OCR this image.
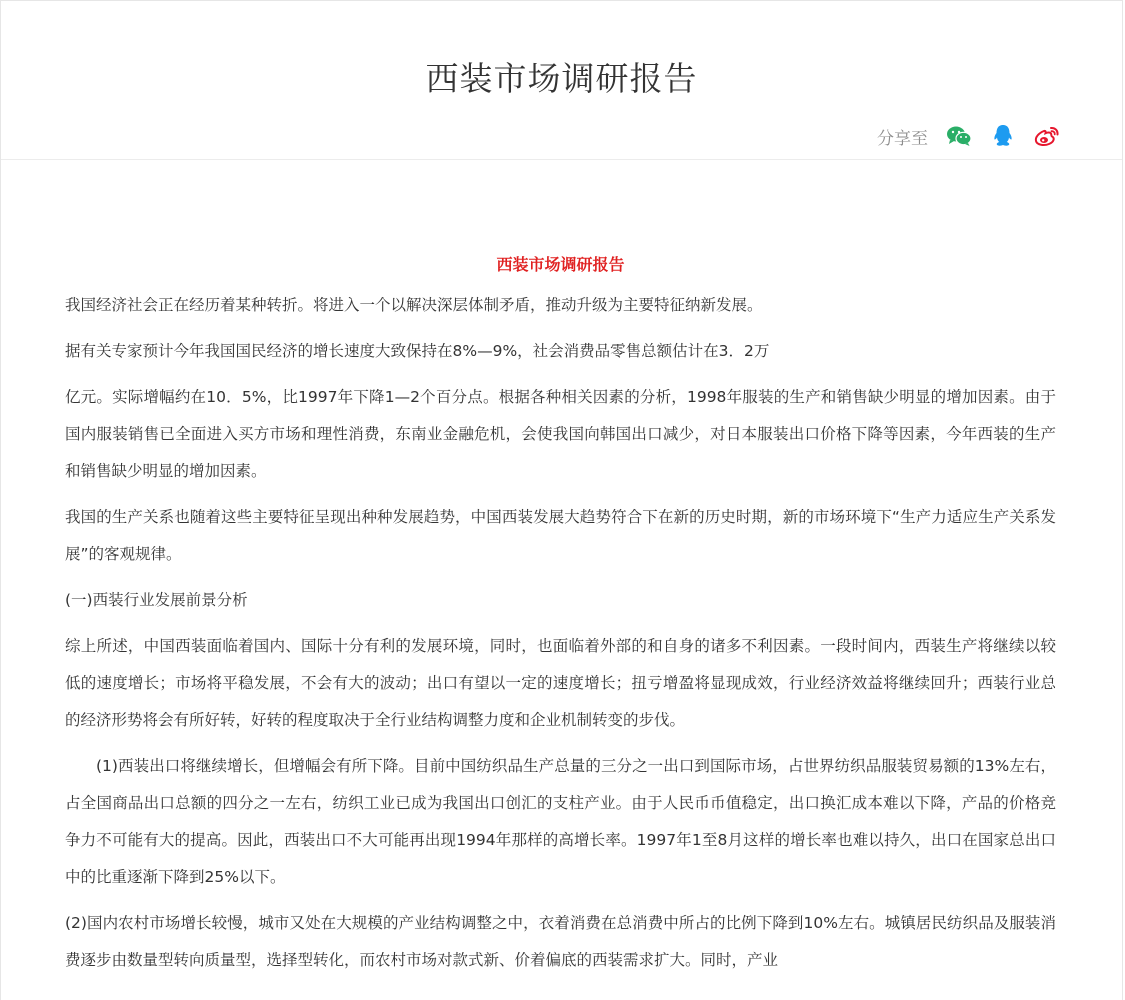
西装市场调研报告
分享至
西装市场调研报告

我国经济社会正在经历着某种转折。将进入一个以解决深层体制矛盾，推动升级为主要特征纳新发展。

据有关专家预计今年我国国民经济的增长速度大致保持在8%—9%，社会消费品零售总额估计在3．2万

亿元。实际增幅约在10．5%，比1997年下降1—2个百分点。根据各种相关因素的分析，1998年服装的生产和销售缺少明显的增加因素。由于国内服装销售已全面进入买方市场和理性消费，东南业金融危机，会使我国向韩国出口减少，对日本服装出口价格下降等因素，今年西装的生产和销售缺少明显的增加因素。

我国的生产关系也随着这些主要特征呈现出种种发展趋势，中国西装发展大趋势符合下在新的历史时期，新的市场环境下“生产力适应生产关系发展”的客观规律。

(一)西装行业发展前景分析

综上所述，中国西装面临着国内、国际十分有利的发展环境，同时，也面临着外部的和自身的诸多不利因素。一段时间内，西装生产将继续以较低的速度增长；市场将平稳发展，不会有大的波动；出口有望以一定的速度增长；扭亏增盈将显现成效，行业经济效益将继续回升；西装行业总的经济形势将会有所好转，好转的程度取决于全行业结构调整力度和企业机制转变的步伐。

(1)西装出口将继续增长，但增幅会有所下降。目前中国纺织品生产总量的三分之一出口到国际市场，占世界纺织品服装贸易额的13%左右，占全国商品出口总额的四分之一左右，纺织工业已成为我国出口创汇的支柱产业。由于人民币币值稳定，出口换汇成本难以下降，产品的价格竞争力不可能有大的提高。因此，西装出口不大可能再出现1994年那样的高增长率。1997年1至8月这样的增长率也难以持久，出口在国家总出口中的比重逐渐下降到25%以下。

(2)国内农村市场增长较慢，城市又处在大规模的产业结构调整之中，衣着消费在总消费中所占的比例下降到10%左右。城镇居民纺织品及服装消费逐步由数量型转向质量型，选择型转化，而农村市场对款式新、价着偏底的西装需求扩大。同时，产业
